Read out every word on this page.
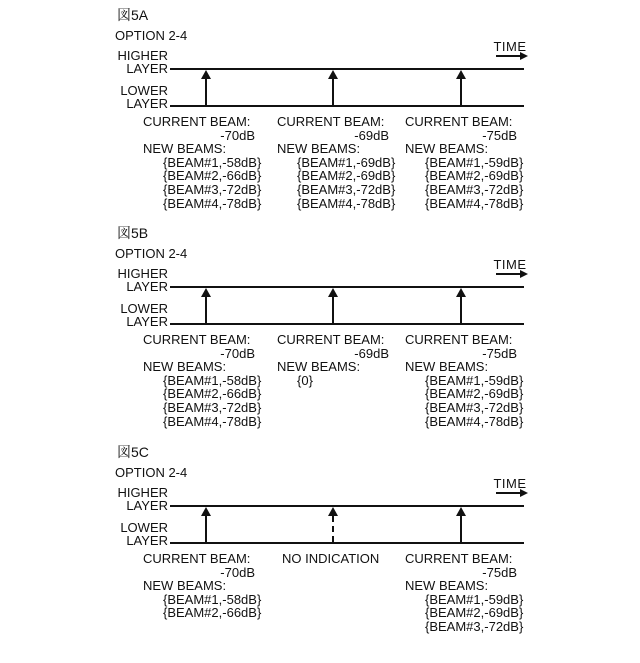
図5A
OPTION 2-4
TIME
HIGHER
LAYER
LOWER
LAYER
CURRENT BEAM:
-70dB
NEW BEAMS:
{BEAM#1,-58dB}
{BEAM#2,-66dB}
{BEAM#3,-72dB}
{BEAM#4,-78dB}
CURRENT BEAM:
-69dB
NEW BEAMS:
{BEAM#1,-69dB}
{BEAM#2,-69dB}
{BEAM#3,-72dB}
{BEAM#4,-78dB}
CURRENT BEAM:
-75dB
NEW BEAMS:
{BEAM#1,-59dB}
{BEAM#2,-69dB}
{BEAM#3,-72dB}
{BEAM#4,-78dB}
図5B
OPTION 2-4
TIME
HIGHER
LAYER
LOWER
LAYER
CURRENT BEAM:
-70dB
NEW BEAMS:
{BEAM#1,-58dB}
{BEAM#2,-66dB}
{BEAM#3,-72dB}
{BEAM#4,-78dB}
CURRENT BEAM:
-69dB
NEW BEAMS:
{0}
CURRENT BEAM:
-75dB
NEW BEAMS:
{BEAM#1,-59dB}
{BEAM#2,-69dB}
{BEAM#3,-72dB}
{BEAM#4,-78dB}
図5C
OPTION 2-4
TIME
HIGHER
LAYER
LOWER
LAYER
CURRENT BEAM:
-70dB
NEW BEAMS:
{BEAM#1,-58dB}
{BEAM#2,-66dB}
NO INDICATION	CURRENT BEAM:
-75dB
NEW BEAMS:
{BEAM#1,-59dB}
{BEAM#2,-69dB}
{BEAM#3,-72dB}
